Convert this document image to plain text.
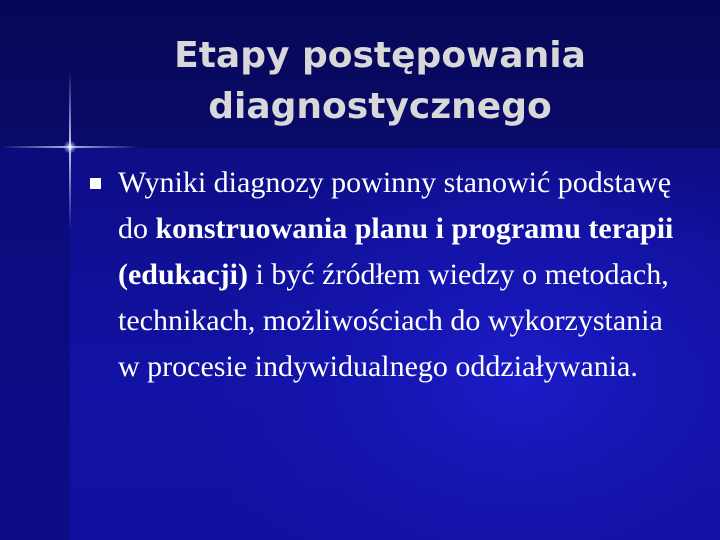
Etapy postępowania diagnostycznego
Wyniki diagnozy powinny stanowić podstawę do konstruowania planu i programu terapii (edukacji) i być źródłem wiedzy o metodach, technikach, możliwościach do wykorzystania w procesie indywidualnego oddziaływania.
